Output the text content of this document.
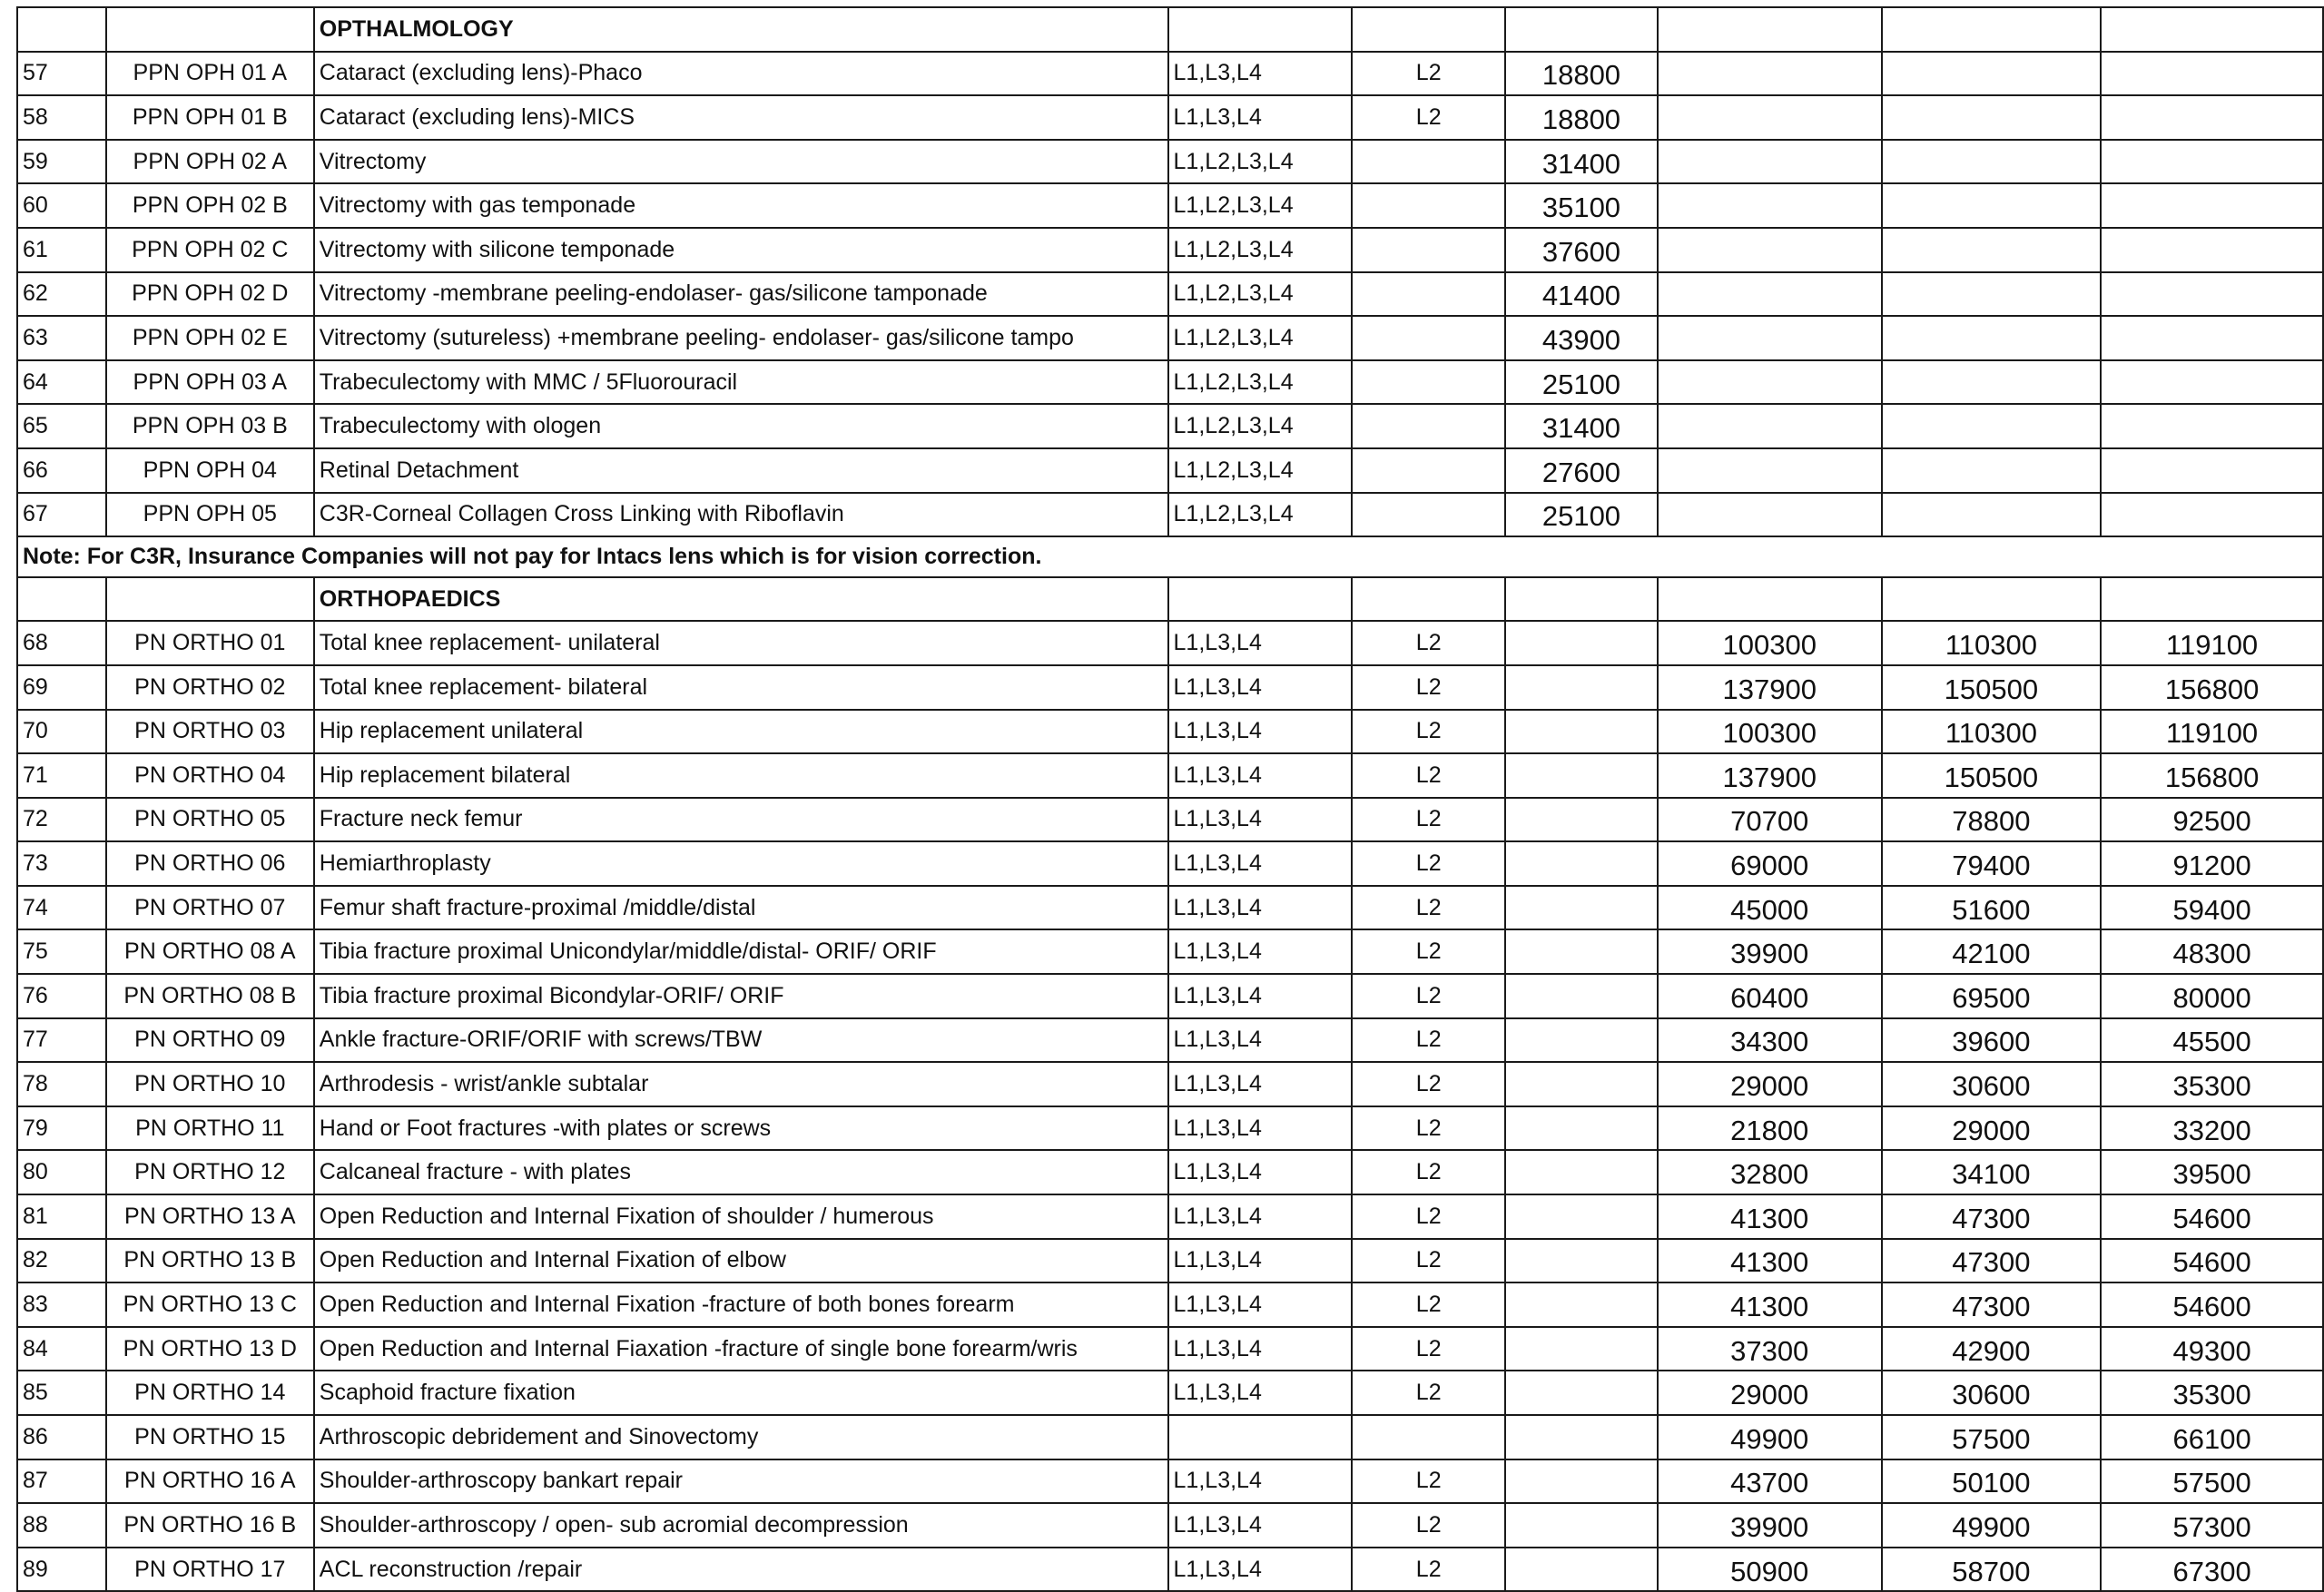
		OPTHALMOLOGY						
57	PPN OPH 01 A	Cataract (excluding lens)-Phaco	L1,L3,L4	L2	18800			
58	PPN OPH 01 B	Cataract (excluding lens)-MICS	L1,L3,L4	L2	18800			
59	PPN OPH 02 A	Vitrectomy	L1,L2,L3,L4		31400			
60	PPN OPH 02 B	Vitrectomy with gas temponade	L1,L2,L3,L4		35100			
61	PPN OPH 02 C	Vitrectomy with silicone temponade	L1,L2,L3,L4		37600			
62	PPN OPH 02 D	Vitrectomy -membrane peeling-endolaser- gas/silicone tamponade	L1,L2,L3,L4		41400			
63	PPN OPH 02 E	Vitrectomy (sutureless) +membrane peeling- endolaser- gas/silicone tampo	L1,L2,L3,L4		43900			
64	PPN OPH 03 A	Trabeculectomy with MMC / 5Fluorouracil	L1,L2,L3,L4		25100			
65	PPN OPH 03 B	Trabeculectomy with ologen	L1,L2,L3,L4		31400			
66	PPN OPH 04	Retinal Detachment	L1,L2,L3,L4		27600			
67	PPN OPH 05	C3R-Corneal Collagen Cross Linking with Riboflavin	L1,L2,L3,L4		25100			
Note: For C3R, Insurance Companies will not pay for Intacs lens which is for vision correction.								
		ORTHOPAEDICS						
68	PN ORTHO 01	Total knee replacement- unilateral	L1,L3,L4	L2		100300	110300	119100
69	PN ORTHO 02	Total knee replacement- bilateral	L1,L3,L4	L2		137900	150500	156800
70	PN ORTHO 03	Hip replacement unilateral	L1,L3,L4	L2		100300	110300	119100
71	PN ORTHO 04	Hip replacement bilateral	L1,L3,L4	L2		137900	150500	156800
72	PN ORTHO 05	Fracture neck femur	L1,L3,L4	L2		70700	78800	92500
73	PN ORTHO 06	Hemiarthroplasty	L1,L3,L4	L2		69000	79400	91200
74	PN ORTHO 07	Femur shaft fracture-proximal /middle/distal	L1,L3,L4	L2		45000	51600	59400
75	PN ORTHO 08 A	Tibia fracture proximal Unicondylar/middle/distal- ORIF/ ORIF	L1,L3,L4	L2		39900	42100	48300
76	PN ORTHO 08 B	Tibia fracture proximal Bicondylar-ORIF/ ORIF	L1,L3,L4	L2		60400	69500	80000
77	PN ORTHO 09	Ankle fracture-ORIF/ORIF with screws/TBW	L1,L3,L4	L2		34300	39600	45500
78	PN ORTHO 10	Arthrodesis - wrist/ankle subtalar	L1,L3,L4	L2		29000	30600	35300
79	PN ORTHO 11	Hand or Foot fractures -with plates or screws	L1,L3,L4	L2		21800	29000	33200
80	PN ORTHO 12	Calcaneal fracture - with plates	L1,L3,L4	L2		32800	34100	39500
81	PN ORTHO 13 A	Open Reduction and Internal Fixation of shoulder / humerous	L1,L3,L4	L2		41300	47300	54600
82	PN ORTHO 13 B	Open Reduction and Internal Fixation of elbow	L1,L3,L4	L2		41300	47300	54600
83	PN ORTHO 13 C	Open Reduction and Internal Fixation -fracture of both bones forearm	L1,L3,L4	L2		41300	47300	54600
84	PN ORTHO 13 D	Open Reduction and Internal Fiaxation -fracture of single bone forearm/wris	L1,L3,L4	L2		37300	42900	49300
85	PN ORTHO 14	Scaphoid fracture fixation	L1,L3,L4	L2		29000	30600	35300
86	PN ORTHO 15	Arthroscopic debridement and Sinovectomy				49900	57500	66100
87	PN ORTHO 16 A	Shoulder-arthroscopy bankart repair	L1,L3,L4	L2		43700	50100	57500
88	PN ORTHO 16 B	Shoulder-arthroscopy / open- sub acromial decompression	L1,L3,L4	L2		39900	49900	57300
89	PN ORTHO 17	ACL reconstruction /repair	L1,L3,L4	L2		50900	58700	67300
